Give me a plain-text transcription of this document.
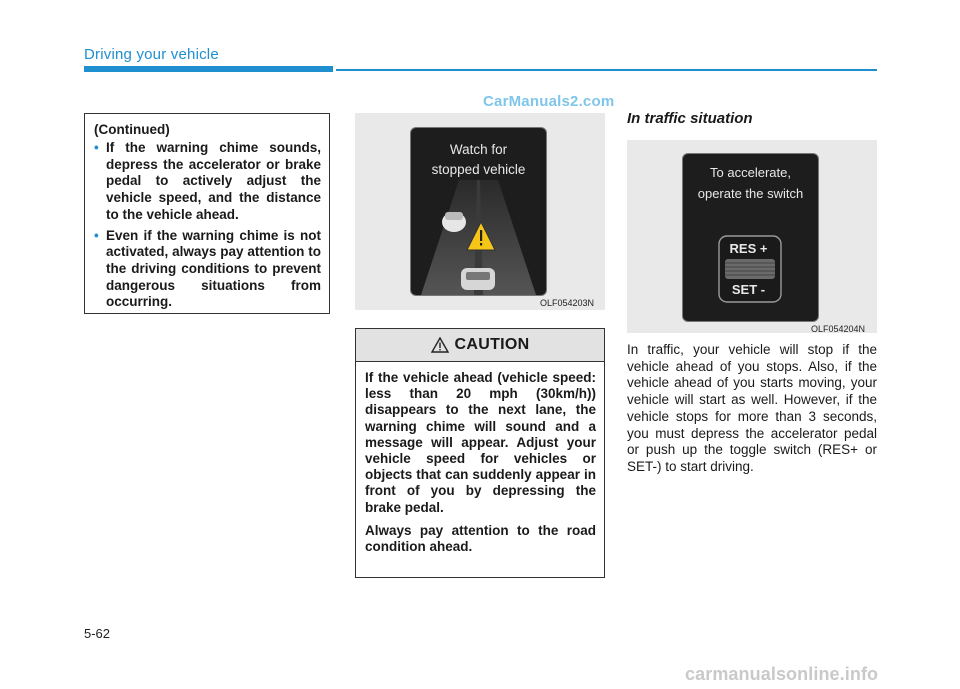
Driving your vehicle
CarManuals2.com
(Continued)
• If the warning chime sounds, depress the accelerator or brake pedal to actively adjust the vehicle speed, and the distance to the vehicle ahead.
• Even if the warning chime is not activated, always pay attention to the driving conditions to prevent dangerous situations from occurring.
Watch for
stopped vehicle
OLF054203N
CAUTION

If the vehicle ahead (vehicle speed: less than 20 mph (30km/h)) disappears to the next lane, the warning chime will sound and a message will appear. Adjust your vehicle speed for vehicles or objects that can suddenly appear in front of you by depressing the brake pedal.

Always pay attention to the road condition ahead.

In traffic situation
To accelerate,
operate the switch
RES +
SET -
OLF054204N

In traffic, your vehicle will stop if the vehicle ahead of you stops. Also, if the vehicle ahead of you starts moving, your vehicle will start as well. However, if the vehicle stops for more than 3 seconds, you must depress the accelerator pedal or push up the toggle switch (RES+ or SET-) to start driving.

5-62
carmanualsonline.info
